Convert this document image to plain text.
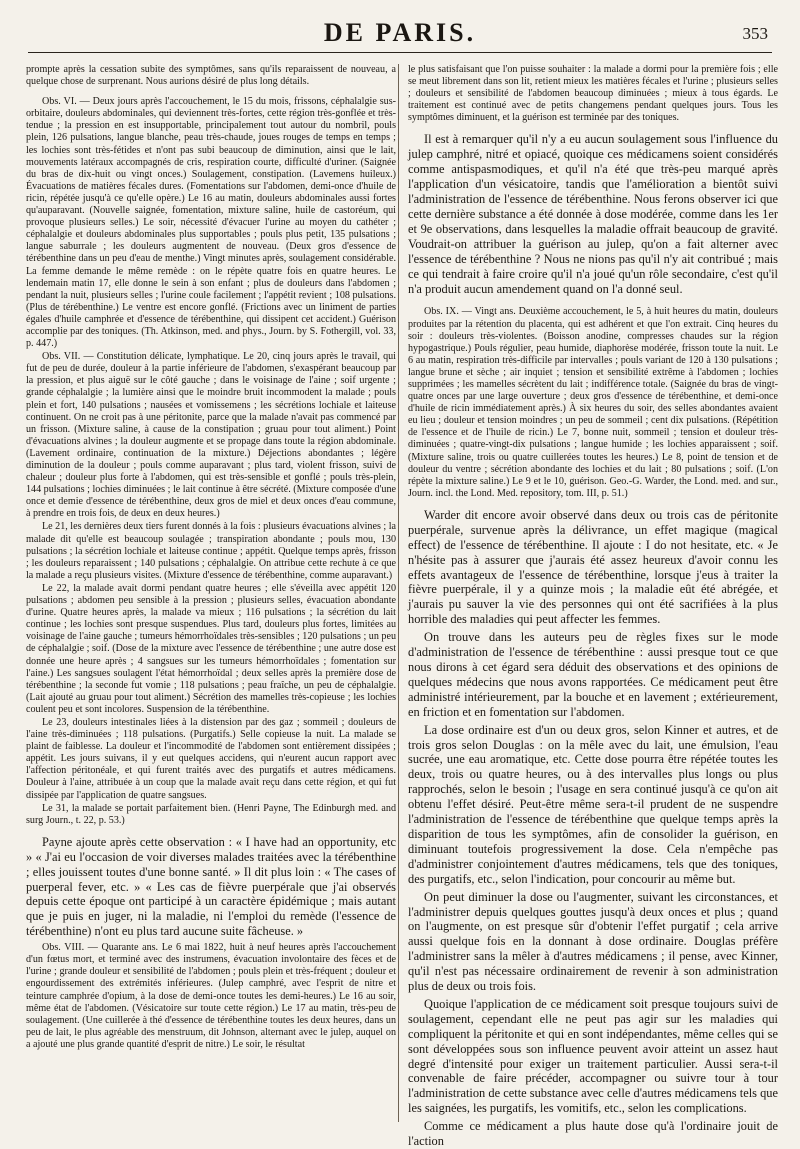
DE PARIS.	353

prompte après la cessation subite des symptômes, sans qu'ils reparaissent de nouveau, a quelque chose de surprenant. Nous aurions désiré de plus long détails.

Obs. VI. — Deux jours après l'accouchement, le 15 du mois, frissons, céphalalgie sus-orbitaire, douleurs abdominales, qui deviennent très-fortes, cette région très-gonflée et très-tendue ; la pression en est insupportable, principalement tout autour du nombril, pouls plein, 126 pulsations, langue blanche, peau très-chaude, joues rouges de temps en temps ; les lochies sont très-fétides et n'ont pas subi beaucoup de diminution, ainsi que le lait, mouvements latéraux accompagnés de cris, respiration courte, difficulté d'uriner. (Saignée du bras de dix-huit ou vingt onces.) Soulagement, constipation. (Lavemens huileux.) Évacuations de matières fécales dures. (Fomentations sur l'abdomen, demi-once d'huile de ricin, répétée jusqu'à ce qu'elle opère.) Le 16 au matin, douleurs abdominales aussi fortes qu'auparavant. (Nouvelle saignée, fomentation, mixture saline, huile de castoréum, qui provoque plusieurs selles.) Le soir, nécessité d'évacuer l'urine au moyen du cathéter ; céphalalgie et douleurs abdominales plus supportables ; pouls plus petit, 135 pulsations ; langue saburrale ; les douleurs augmentent de nouveau. (Deux gros d'essence de térébenthine dans un peu d'eau de menthe.) Vingt minutes après, soulagement considérable. La femme demande le même remède : on le répète quatre fois en quatre heures. Le lendemain matin 17, elle donne le sein à son enfant ; plus de douleurs dans l'abdomen ; pendant la nuit, plusieurs selles ; l'urine coule facilement ; l'appétit revient ; 108 pulsations. (Plus de térébenthine.) Le ventre est encore gonflé. (Frictions avec un liniment de parties égales d'huile camphrée et d'essence de térébenthine, qui dissipent cet accident.) Guérison accomplie par des toniques. (Th. Atkinson, med. and phys., Journ. by S. Fothergill, vol. 33, p. 447.)

Obs. VII. — Constitution délicate, lymphatique. Le 20, cinq jours après le travail, qui fut de peu de durée, douleur à la partie inférieure de l'abdomen, s'exaspérant beaucoup par la pression, et plus aiguë sur le côté gauche ; dans le voisinage de l'aine ; soif urgente ; grande céphalalgie ; la lumière ainsi que le moindre bruit incommodent la malade ; pouls plein et fort, 140 pulsations ; nausées et vomissemens ; les sécrétions lochiale et laiteuse continuent. On ne croit pas à une péritonite, parce que la malade n'avait pas commencé par un frisson. (Mixture saline, à cause de la constipation ; gruau pour tout aliment.) Point d'évacuations alvines ; la douleur augmente et se propage dans toute la région abdominale. (Lavement ordinaire, continuation de la mixture.) Déjections abondantes ; légère diminution de la douleur ; pouls comme auparavant ; plus tard, violent frisson, suivi de chaleur ; douleur plus forte à l'abdomen, qui est très-sensible et gonflé ; pouls très-plein, 144 pulsations ; lochies diminuées ; le lait continue à être sécrété. (Mixture composée d'une once et demie d'essence de térébenthine, deux gros de miel et deux onces d'eau commune, à prendre en trois fois, de deux en deux heures.)

Le 21, les dernières deux tiers furent donnés à la fois : plusieurs évacuations alvines ; la malade dit qu'elle est beaucoup soulagée ; transpiration abondante ; pouls mou, 130 pulsations ; la sécrétion lochiale et laiteuse continue ; appétit. Quelque temps après, frisson ; les douleurs reparaissent ; 140 pulsations ; céphalalgie. On attribue cette rechute à ce que la malade a reçu plusieurs visites. (Mixture d'essence de térébenthine, comme auparavant.)

Le 22, la malade avait dormi pendant quatre heures ; elle s'éveilla avec appétit 120 pulsations ; abdomen peu sensible à la pression ; plusieurs selles, évacuation abondante d'urine. Quatre heures après, la malade va mieux ; 116 pulsations ; la sécrétion du lait continue ; les lochies sont presque suspendues. Plus tard, douleurs plus fortes, limitées au voisinage de l'aine gauche ; tumeurs hémorrhoïdales très-sensibles ; 120 pulsations ; un peu de céphalalgie ; soif. (Dose de la mixture avec l'essence de térébenthine ; une autre dose est donnée une heure après ; 4 sangsues sur les tumeurs hémorrhoïdales ; fomentation sur l'aine.) Les sangsues soulagent l'état hémorrhoïdal ; deux selles après la première dose de térébenthine ; la seconde fut vomie ; 118 pulsations ; peau fraîche, un peu de céphalalgie. (Lait ajouté au gruau pour tout aliment.) Sécrétion des mamelles très-copieuse ; les lochies coulent peu et sont incolores. Suspension de la térébenthine.

Le 23, douleurs intestinales liées à la distension par des gaz ; sommeil ; douleurs de l'aine très-diminuées ; 118 pulsations. (Purgatifs.) Selle copieuse la nuit. La malade se plaint de faiblesse. La douleur et l'incommodité de l'abdomen sont entièrement dissipées ; appétit. Les jours suivans, il y eut quelques accidens, qui n'eurent aucun rapport avec l'affection péritonéale, et qui furent traités avec des purgatifs et autres médicamens. Douleur à l'aine, attribuée à un coup que la malade avait reçu dans cette région, et qui fut dissipée par l'application de quatre sangsues.

Le 31, la malade se portait parfaitement bien. (Henri Payne, The Edinburgh med. and surg Journ., t. 22, p. 53.)

Payne ajoute après cette observation : « I have had an opportunity, etc » « J'ai eu l'occasion de voir diverses malades traitées avec la térébenthine ; elles jouissent toutes d'une bonne santé. » Il dit plus loin : « The cases of puerperal fever, etc. » « Les cas de fièvre puerpérale que j'ai observés depuis cette époque ont participé à un caractère épidémique ; mais autant que je puis en juger, ni la maladie, ni l'emploi du remède (l'essence de térébenthine) n'ont eu plus tard aucune suite fâcheuse. »

Obs. VIII. — Quarante ans. Le 6 mai 1822, huit à neuf heures après l'accouchement d'un fœtus mort, et terminé avec des instrumens, évacuation involontaire des fèces et de l'urine ; grande douleur et sensibilité de l'abdomen ; pouls plein et très-fréquent ; douleur et engourdissement des extrémités inférieures. (Julep camphré, avec l'esprit de nitre et teinture camphrée d'opium, à la dose de demi-once toutes les demi-heures.) Le 16 au soir, même état de l'abdomen. (Vésicatoire sur toute cette région.) Le 17 au matin, très-peu de soulagement. (Une cuillerée à thé d'essence de térébenthine toutes les deux heures, dans un peu de lait, le plus agréable des menstruum, dit Johnson, alternant avec le julep, auquel on a ajouté une plus grande quantité d'esprit de nitre.) Le soir, le résultat

le plus satisfaisant que l'on puisse souhaiter : la malade a dormi pour la première fois ; elle se meut librement dans son lit, retient mieux les matières fécales et l'urine ; plusieurs selles ; douleurs et sensibilité de l'abdomen beaucoup diminuées ; mieux à tous égards. Le traitement est continué avec de petits changemens pendant quelques jours. Tous les symptômes diminuent, et la guérison est terminée par des toniques.

Il est à remarquer qu'il n'y a eu aucun soulagement sous l'influence du julep camphré, nitré et opiacé, quoique ces médicamens soient considérés comme antispasmodiques, et qu'il n'a été que très-peu marqué après l'application d'un vésicatoire, tandis que l'amélioration a bientôt suivi l'administration de l'essence de térébenthine. Nous ferons observer ici que cette dernière substance a été donnée à dose modérée, comme dans les 1er et 9e observations, dans lesquelles la maladie offrait beaucoup de gravité. Voudrait-on attribuer la guérison au julep, qu'on a fait alterner avec l'essence de térébenthine ? Nous ne nions pas qu'il n'y ait contribué ; mais ce qui tendrait à faire croire qu'il n'a joué qu'un rôle secondaire, c'est qu'il n'a produit aucun amendement quand on l'a donné seul.

Obs. IX. — Vingt ans. Deuxième accouchement, le 5, à huit heures du matin, douleurs produites par la rétention du placenta, qui est adhérent et que l'on extrait. Cinq heures du soir : douleurs très-violentes. (Boisson anodine, compresses chaudes sur la région hypogastrique.) Pouls régulier, peau humide, diaphorèse modérée, frisson toute la nuit. Le 6 au matin, respiration très-difficile par intervalles ; pouls variant de 120 à 130 pulsations ; langue brune et sèche ; air inquiet ; tension et sensibilité extrême à l'abdomen ; lochies supprimées ; les mamelles sécrètent du lait ; indifférence totale. (Saignée du bras de vingt-quatre onces par une large ouverture ; deux gros d'essence de térébenthine, et demi-once d'huile de ricin immédiatement après.) À six heures du soir, des selles abondantes avaient eu lieu ; douleur et tension moindres ; un peu de sommeil ; cent dix pulsations. (Répétition de l'essence et de l'huile de ricin.) Le 7, bonne nuit, sommeil ; tension et douleur très-diminuées ; quatre-vingt-dix pulsations ; langue humide ; les lochies apparaissent ; soif. (Mixture saline, trois ou quatre cuillerées toutes les heures.) Le 8, point de tension et de douleur du ventre ; sécrétion abondante des lochies et du lait ; 80 pulsations ; soif. (L'on répète la mixture saline.) Le 9 et le 10, guérison. Geo.-G. Warder, the Lond. med. and sur., Journ. incl. the Lond. Med. repository, tom. III, p. 51.)

Warder dit encore avoir observé dans deux ou trois cas de péritonite puerpérale, survenue après la délivrance, un effet magique (magical effect) de l'essence de térébenthine. Il ajoute : I do not hesitate, etc. « Je n'hésite pas à assurer que j'aurais été assez heureux d'avoir connu les effets avantageux de l'essence de térébenthine, lorsque j'eus à traiter la fièvre puerpérale, il y a quinze mois ; la maladie eût été abrégée, et j'aurais pu sauver la vie des personnes qui ont été sacrifiées à la plus horrible des maladies qui peut affecter les femmes.

On trouve dans les auteurs peu de règles fixes sur le mode d'administration de l'essence de térébenthine : aussi presque tout ce que nous dirons à cet égard sera déduit des observations et des opinions de quelques médecins que nous avons rapportées. Ce médicament peut être administré intérieurement, par la bouche et en lavement ; extérieurement, en friction et en fomentation sur l'abdomen.

La dose ordinaire est d'un ou deux gros, selon Kinner et autres, et de trois gros selon Douglas : on la mêle avec du lait, une émulsion, l'eau sucrée, une eau aromatique, etc. Cette dose pourra être répétée toutes les deux, trois ou quatre heures, ou à des intervalles plus longs ou plus rapprochés, selon le besoin ; l'usage en sera continué jusqu'à ce qu'on ait obtenu l'effet désiré. Peut-être même sera-t-il prudent de ne suspendre l'administration de l'essence de térébenthine que quelque temps après la disparition de tous les symptômes, afin de consolider la guérison, en diminuant toutefois progressivement la dose. Cela n'empêche pas d'administrer conjointement d'autres médicamens, tels que des toniques, des purgatifs, etc., selon l'indication, pour concourir au même but.

On peut diminuer la dose ou l'augmenter, suivant les circonstances, et l'administrer depuis quelques gouttes jusqu'à deux onces et plus ; quand on l'augmente, on est presque sûr d'obtenir l'effet purgatif ; cela arrive aussi quelque fois en la donnant à dose ordinaire. Douglas préfère l'administrer sans la mêler à d'autres médicamens ; il pense, avec Kinner, qu'il n'est pas nécessaire ordinairement de revenir à son administration plus de deux ou trois fois.

Quoique l'application de ce médicament soit presque toujours suivi de soulagement, cependant elle ne peut pas agir sur les maladies qui compliquent la péritonite et qui en sont indépendantes, même celles qui se sont développées sous son influence peuvent avoir atteint un assez haut degré d'intensité pour exiger un traitement particulier. Aussi sera-t-il convenable de faire précéder, accompagner ou suivre tour à tour l'administration de cette substance avec celle d'autres médicamens tels que les saignées, les purgatifs, les vomitifs, etc., selon les complications.

Comme ce médicament a plus haute dose qu'à l'ordinaire jouit de l'action
